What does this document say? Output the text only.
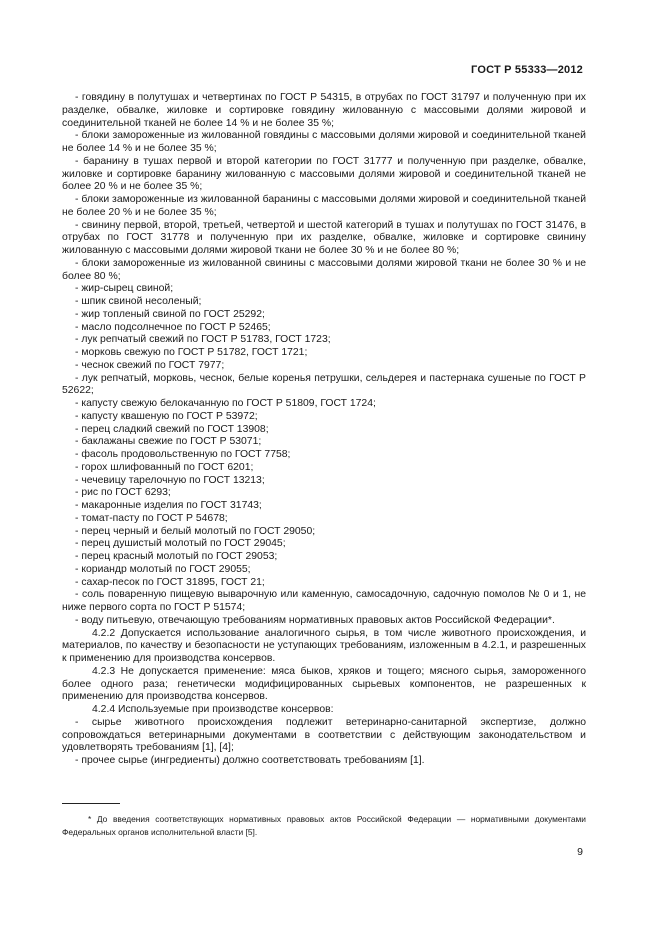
ГОСТ Р 55333—2012

- говядину в полутушах и четвертинах по ГОСТ Р 54315, в отрубах по ГОСТ 31797 и полученную при их разделке, обвалке, жиловке и сортировке говядину жилованную с массовыми долями жировой и соединительной тканей не более 14 % и не более 35 %;

- блоки замороженные из жилованной говядины с массовыми долями жировой и соединительной тканей не более 14 % и не более 35 %;

- баранину в тушах первой и второй категории по ГОСТ 31777 и полученную при разделке, обвалке, жиловке и сортировке баранину жилованную с массовыми долями жировой и соединительной тканей не более 20 % и не более 35 %;

- блоки замороженные из жилованной баранины с массовыми долями жировой и соединительной тканей не более 20 % и не более 35 %;

- свинину первой, второй, третьей, четвертой и шестой категорий в тушах и полутушах по ГОСТ 31476, в отрубах по ГОСТ 31778 и полученную при их разделке, обвалке, жиловке и сортировке свинину жилованную с массовыми долями жировой ткани не более 30 % и не более 80 %;

- блоки замороженные из жилованной свинины с массовыми долями жировой ткани не более 30 % и не более 80 %;

- жир-сырец свиной;

- шпик свиной несоленый;

- жир топленый свиной по ГОСТ 25292;

- масло подсолнечное по ГОСТ Р 52465;

- лук репчатый свежий по ГОСТ Р 51783, ГОСТ 1723;

- морковь свежую по ГОСТ Р 51782, ГОСТ 1721;

- чеснок свежий по ГОСТ 7977;

- лук репчатый, морковь, чеснок, белые коренья петрушки, сельдерея и пастернака сушеные по ГОСТ Р 52622;

- капусту свежую белокачанную по ГОСТ Р 51809, ГОСТ 1724;

- капусту квашеную по ГОСТ Р 53972;

- перец сладкий свежий по ГОСТ 13908;

- баклажаны свежие по ГОСТ Р 53071;

- фасоль продовольственную по ГОСТ 7758;

- горох шлифованный по ГОСТ 6201;

- чечевицу тарелочную по ГОСТ 13213;

- рис по ГОСТ 6293;

- макаронные изделия по ГОСТ 31743;

- томат-пасту по ГОСТ Р 54678;

- перец черный и белый молотый по ГОСТ 29050;

- перец душистый молотый по ГОСТ 29045;

- перец красный молотый по ГОСТ 29053;

- кориандр молотый по ГОСТ 29055;

- сахар-песок по ГОСТ 31895, ГОСТ 21;

- соль поваренную пищевую выварочную или каменную, самосадочную, садочную помолов № 0 и 1, не ниже первого сорта по ГОСТ Р 51574;

- воду питьевую, отвечающую требованиям нормативных правовых актов Российской Федерации*.

4.2.2 Допускается использование аналогичного сырья, в том числе животного происхождения, и материалов, по качеству и безопасности не уступающих требованиям, изложенным в 4.2.1, и разрешенных к применению для производства консервов.

4.2.3 Не допускается применение: мяса быков, хряков и тощего; мясного сырья, замороженного более одного раза; генетически модифицированных сырьевых компонентов, не разрешенных к применению для производства консервов.

4.2.4 Используемые при производстве консервов:

- сырье животного происхождения подлежит ветеринарно-санитарной экспертизе, должно сопровождаться ветеринарными документами в соответствии с действующим законодательством и удовлетворять требованиям [1], [4];

- прочее сырье (ингредиенты) должно соответствовать требованиям [1].

* До введения соответствующих нормативных правовых актов Российской Федерации — нормативными документами Федеральных органов исполнительной власти [5].

9
